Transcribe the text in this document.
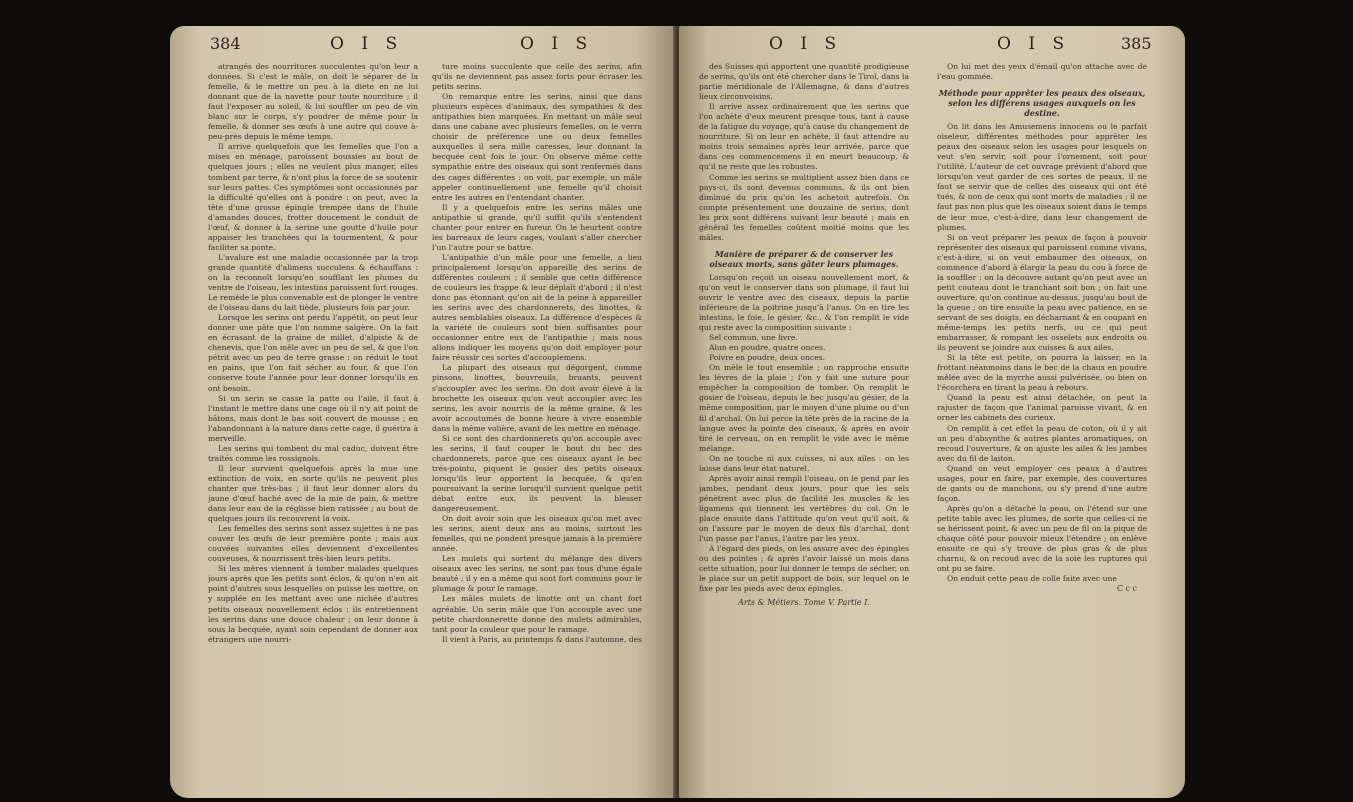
384	O I S	O I S

atrangés des nourritures succulentes qu'on leur a données. Si c'est le mâle, on doit le séparer de la femelle, & le mettre un peu à la diete en ne lui donnant que de la navette pour toute nourriture ; il faut l'exposer au soleil, & lui souffler un peu de vin blanc sur le corps, s'y poudrer de même pour la femelle, & donner ses œufs à une autre qui couve à-peu-près depuis le même temps.

Il arrive quelquefois que les femelles que l'on a mises en ménage, paroissent boussies au bout de quelques jours ; elles ne veulent plus manger, elles tombent par terre, & n'ont plus la force de se soutenir sur leurs pattes. Ces symptômes sont occasionnés par la difficulté qu'elles ont à pondre : on peut, avec la tête d'une grosse épingle trempée dans de l'huile d'amandes douces, frotter doucement le conduit de l'œuf, & donner à la serine une goutte d'huile pour appaiser les tranchées qui la tourmentent, & pour faciliter sa ponte.

L'avalure est une maladie occasionnée par la trop grande quantité d'alimens succulens & échauffans : on la reconnoît lorsqu'en soufflant les plumes du ventre de l'oiseau, les intestins paroissent fort rouges. Le remède le plus convenable est de plonger le ventre de l'oiseau dans du lait tiède, plusieurs fois par jour.

Lorsque les serins ont perdu l'appétit, on peut leur donner une pâte que l'on nomme salgère. On la fait en écrasant de la graine de millet, d'alpiste & de chenevis, que l'on mêle avec un peu de sel, & que l'on pétrit avec un peu de terre grasse : on réduit le tout en pains, que l'on fait sécher au four, & que l'on conserve toute l'année pour leur donner lorsqu'ils en ont besoin.

Si un serin se casse la patte ou l'aile, il faut à l'instant le mettre dans une cage où il n'y ait point de bâtons, mais dont le bas soit couvert de mousse ; en l'abandonnant à la nature dans cette cage, il guérira à merveille.

Les serins qui tombent du mal caduc, doivent être traités comme les rossignols.

Il leur survient quelquefois après la mue une extinction de voix, en sorte qu'ils ne peuvent plus chanter que très-bas ; il faut leur donner alors du jaune d'œuf haché avec de la mie de pain, & mettre dans leur eau de la réglisse bien ratissée ; au bout de quelques jours ils recouvrent la voix.

Les femelles des serins sont assez sujettes à ne pas couver les œufs de leur première ponte ; mais aux couvées suivantes elles deviennent d'excellentes couveuses, & nourrissent très-bien leurs petits.

Si les mères viennent à tomber malades quelques jours après que les petits sont éclos, & qu'on n'en ait point d'autres sous lesquelles on puisse les mettre, on y supplée en les mettant avec une nichée d'autres petits oiseaux nouvellement éclos : ils entretiennent les serins dans une douce chaleur ; on leur donne à sous la becquée, ayant soin cependant de donner aux étrangers une nourri-

ture moins succulente que celle des serins, afin qu'ils ne deviennent pas assez forts pour écraser les petits serins.

On remarque entre les serins, ainsi que dans plusieurs espèces d'animaux, des sympathies & des antipathies bien marquées. En mettant un mâle seul dans une cabane avec plusieurs femelles, on le verra choisir de préférence une ou deux femelles auxquelles il sera mille caresses, leur donnant la becquée cent fois le jour. On observe même cette sympathie entre des oiseaux qui sont renfermés dans des cages différentes : on voit, par exemple, un mâle appeler continuellement une femelle qu'il choisit entre les autres en l'entendant chanter.

Il y a quelquefois entre les serins mâles une antipathie si grande, qu'il suffit qu'ils s'entendent chanter pour entrer en fureur. On le heurtent contre les barreaux de leurs cages, voulant s'aller chercher l'un l'autre pour se battre.

L'antipathie d'un mâle pour une femelle, a lieu principalement lorsqu'on appareille des serins de différentes couleurs ; il semble que cette différence de couleurs les frappe & leur déplaît d'abord ; il n'est donc pas étonnant qu'on ait de la peine à appareiller les serins avec des chardonnerets, des linottes, & autres semblables oiseaux. La différence d'espèces & la variété de couleurs sont bien suffisantes pour occasionner entre eux de l'antipathie ; mais nous allons indiquer les moyens qu'on doit employer pour faire réussir ces sortes d'accouplemens.

La plupart des oiseaux qui dégorgent, comme pinsons, linottes, bouvreuils, bruants, peuvent s'accoupler avec les serins. On doit avoir élevé à la brochette les oiseaux qu'on veut accoupler avec les serins, les avoir nourris de la même graine, & les avoir accoutumés de bonne heure à vivre ensemble dans la même volière, avant de les mettre en ménage.

Si ce sont des chardonnerets qu'on accouple avec les serins, il faut couper le bout du bec des chardonnerets, parce que ces oiseaux ayant le bec très-pointu, piquent le gosier des petits oiseaux lorsqu'ils leur apportent la becquée, & qu'en poursuivant la serine lorsqu'il survient quelque petit débat entre eux, ils peuvent la blesser dangereusement.

On doit avoir soin que les oiseaux qu'on met avec les serins, aient deux ans au moins, surtout les femelles, qui ne pondent presque jamais à la première année.

Les mulets qui sortent du mélange des divers oiseaux avec les serins, ne sont pas tous d'une égale beauté ; il y en a même qui sont fort communs pour le plumage & pour le ramage.

Les mâles mulets de linotte ont un chant fort agréable. Un serin mâle que l'on accouple avec une petite chardonnerette donne des mulets admirables, tant pour la couleur que pour le ramage.

Il vient à Paris, au printemps & dans l'automne, des

O I S	O I S	385

des Suisses qui apportent une quantité prodigieuse de serins, qu'ils ont été chercher dans le Tirol, dans la partie méridionale de l'Allemagne, & dans d'autres lieux circonvoisins.

Il arrive assez ordinairement que les serins que l'on achète d'eux meurent presque tous, tant à cause de la fatigue du voyage, qu'à cause du changement de nourriture. Si on leur en achète, il faut attendre au moins trois semaines après leur arrivée, parce que dans ces commencemens il en meurt beaucoup, & qu'il ne reste que les robustes.

Comme les serins se multiplient assez bien dans ce pays-ci, ils sont devenus communs, & ils ont bien diminué du prix qu'on les achetoit autrefois. On compte présentement une douzaine de serins, dont les prix sont différens suivant leur beauté ; mais en général les femelles coûtent moitié moins que les mâles.

Manière de préparer & de conserver les oiseaux morts, sans gâter leurs plumages.

Lorsqu'on reçoit un oiseau nouvellement mort, & qu'on veut le conserver dans son plumage, il faut lui ouvrir le ventre avec des ciseaux, depuis la partie inférieure de la poitrine jusqu'à l'anus. On en tire les intestins, le foie, le gésier, &c., & l'on remplit le vide qui reste avec la composition suivante :

Sel commun, une livre.

Alun en poudre, quatre onces.

Poivre en poudre, deux onces.

On mêle le tout ensemble ; on rapproche ensuite les lèvres de la plaie ; l'on y fait une suture pour empêcher la composition de tomber. On remplit le gosier de l'oiseau, depuis le bec jusqu'au gésier, de la même composition, par le moyen d'une plume ou d'un fil d'archal. On lui perce la tête près de la racine de la langue avec la pointe des ciseaux, & après en avoir tiré le cerveau, on en remplit le vide avec le même mélange.

On ne touche ni aux cuisses, ni aux ailes : on les laisse dans leur état naturel.

Après avoir ainsi rempli l'oiseau, on le pend par les jambes, pendant deux jours, pour que les sels pénètrent avec plus de facilité les muscles & les ligamens qui tiennent les vertèbres du col. On le place ensuite dans l'attitude qu'on veut qu'il soit, & on l'assure par le moyen de deux fils d'archal, dont l'un passe par l'anus, l'autre par les yeux.

A l'égard des pieds, on les assure avec des épingles ou des pointes ; & après l'avoir laissé un mois dans cette situation, pour lui donner le temps de sécher, on le place sur un petit support de bois, sur lequel on le fixe par les pieds avec deux épingles.

Arts & Métiers. Tome V. Partie I.

On lui met des yeux d'émail qu'on attache avec de l'eau gommée.

Méthode pour apprêter les peaux des oiseaux, selon les différens usages auxquels on les destine.

On lit dans les Amusemens innocens ou le parfait oiseleur, différentes méthodes pour apprêter les peaux des oiseaux selon les usages pour lesquels on veut s'en servir, soit pour l'ornement, soit pour l'utilité. L'auteur de cet ouvrage prévient d'abord que lorsqu'on veut garder de ces sortes de peaux, il ne faut se servir que de celles des oiseaux qui ont été tués, & non de ceux qui sont morts de maladies ; il ne faut pas non plus que les oiseaux soient dans le temps de leur mue, c'est-à-dire, dans leur changement de plumes.

Si on veut préparer les peaux de façon à pouvoir représenter des oiseaux qui paroissent comme vivans, c'est-à-dire, si on veut embaumer des oiseaux, on commence d'abord à élargir la peau du cou à force de la souffler : on la découvre autant qu'on peut avec un petit couteau dont le tranchant soit bon ; on fait une ouverture, qu'on continue au-dessus, jusqu'au bout de la queue ; on tire ensuite la peau avec patience, en se servant de ses doigts, en décharnant & en coupant en même-temps les petits nerfs, ou ce qui peut embarrasser, & rompant les osselets aux endroits où ils peuvent se joindre aux cuisses & aux ailes.

Si la tête est petite, on pourra la laisser, en la frottant néanmoins dans le bec de la chaux en poudre mêlée avec de la myrrhe aussi pulvérisée, ou bien on l'écorchera en tirant la peau à rebours.

Quand la peau est ainsi détachée, on peut la rajuster de façon que l'animal paroisse vivant, & en orner les cabinets des curieux.

On remplit à cet effet la peau de coton, où il y ait un peu d'absynthe & autres plantes aromatiques, on recoud l'ouverture, & on ajuste les ailes & les jambes avec du fil de laiton.

Quand on veut employer ces peaux à d'autres usages, pour en faire, par exemple, des couvertures de gants ou de manchons, ou s'y prend d'une autre façon.

Après qu'on a détaché la peau, on l'étend sur une petite table avec les plumes, de sorte que celles-ci ne se hérissent point, & avec un peu de fil on la pique de chaque côté pour pouvoir mieux l'étendre ; on enlève ensuite ce qui s'y trouve de plus gras & de plus charnu, & on recoud avec de la soie les ruptures qui ont pu se faire.

On enduit cette peau de colle faite avec une

C c c
